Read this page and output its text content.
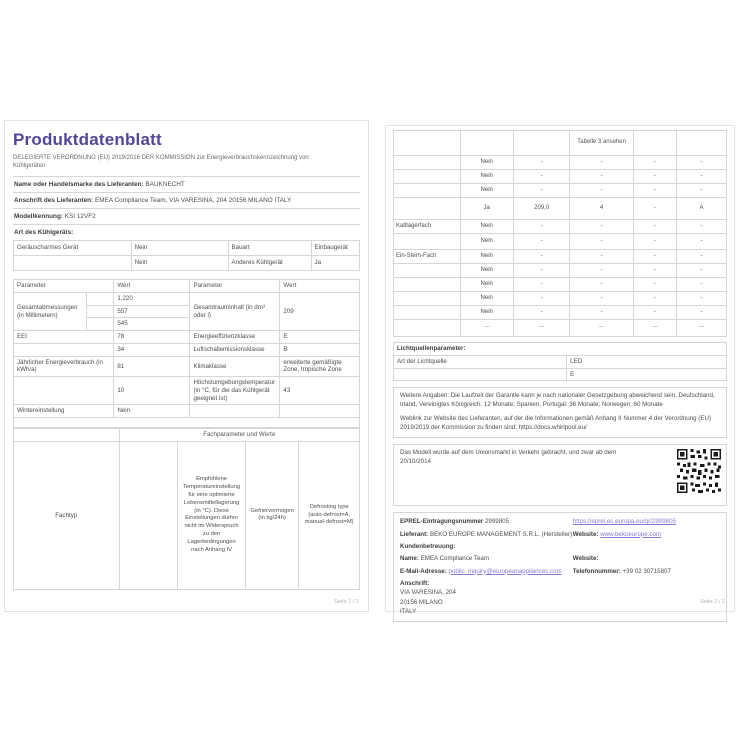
Produktdatenblatt

DELEGIERTE VERORDNUNG (EU) 2019/2016 DER KOMMISSION zur Energieverbrauchskennzeichnung von Kühlgeräten

Name oder Handelsmarke des Lieferanten: BAUKNECHT
Anschrift des Lieferanten: EMEA Compliance Team, VIA VARESINA, 204 20156 MILANO ITALY
Modellkennung: KSI 12VF2
Art des Kühlgeräts:
Geräuscharmes Gerät	Nein	Bauart	Einbaugerät
	Nein	Anderes Kühlgerät	Ja
Parameter		Wert	Parameter	Wert
Gesamtabmessungen (in Millimetern)		1.220	Gesamtrauminhalt (in dm³ oder l)	209
		557		
		545		
EEI		78	Energieeffizienzklasse	E
		34	Luftschallemissionsklasse	B
Jährlicher Energieverbrauch (in kWh/a)		81	Klimaklasse	erweiterte gemäßigte Zone, tropische Zone
		10	Höchstumgebungstemperatur (in °C, für die das Kühlgerät geeignet ist)	43
Wintereinstellung		Nein		
	Fachparameter und Werte			
Fachtyp		Empfohlene Temperatureinstellung für eine optimierte Lebensmittellagerung (in °C). Diese Einstellungen dürfen nicht im Widerspruch zu den Lagerbedingungen nach Anhang IV	Gefriervermögen (in kg/24h)	Defrosting type (auto-defrost=A, manual-defrost=M)
Seite 1 / 2
			Tabelle 3 ansehen		
	Nein	-	-	-	-
	Nein	-	-	-	-
	Nein	-	-	-	-
	Ja	209,0	4	-	A
Kaltlagerfach	Nein	-	-	-	-
	Nein	-	-	-	-
Ein-Stern-Fach	Nein	-	-	-	-
	Nein	-	-	-	-
	Nein	-	-	-	-
	Nein	-	-	-	-
	Nein	-	-	-	-
	—	—	—	—	—
Lichtquellenparameter:	
Art der Lichtquelle	LED
	E

Weitere Angaben: Die Laufzeit der Garantie kann je nach nationaler Gesetzgebung abweichend sein. Deutschland, Irland, Vereinigtes Königreich: 12 Monate; Spanien, Portugal: 36 Monate; Norwegen: 60 Monate

Weblink zur Website des Lieferanten, auf der die Informationen gemäß Anhang II Nummer 4 der Verordnung (EU) 2019/2019 der Kommission zu finden sind: https://docs.whirlpool.eu/

Das Modell wurde auf dem Unionsmarkt in Verkehr gebracht, und zwar ab dem 20/10/2014
EPREL-Eintragungsnummer 2999805	https://eprel.ec.europa.eu/qr/2999805
Lieferant: BEKO EUROPE MANAGEMENT S.R.L. (Hersteller) Website: www.bekoeurope.com
Kundenbetreuung:
Name: EMEA Compliance Team	Website:
E-Mail-Adresse: public_inquiry@europeanappliances.com	Telefonnummer: +39 02 30715807
Anschrift:
VIA VARESINA, 204
20156 MILANO
ITALY
Seite 2 / 2
